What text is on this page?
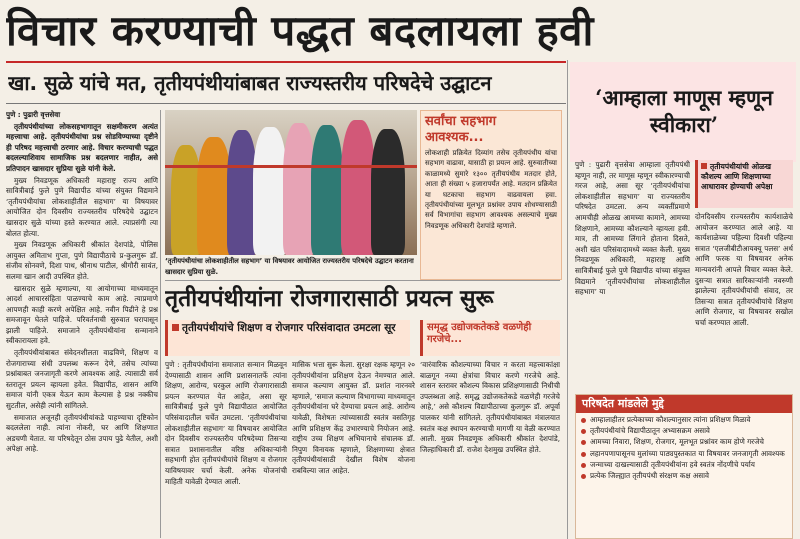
विचार करण्याची पद्धत बदलायला हवी
खा. सुळे यांचे मत, तृतीयपंथीयांबाबत राज्यस्तरीय परिषदेचे उद्घाटन

पुणे : पुढारी वृत्तसेवा

तृतीयपंथीयांच्या लोकसहभागातून सक्षमीकरण अत्यंत महत्त्वाचा आहे. तृतीयपंथीयांचा प्रश्न सोडविण्याच्या दृष्टीने ही परिषद महत्त्वाची ठरणार आहे. विचार करण्याची पद्धत बदलल्याशिवाय सामाजिक प्रश्न बदलणार नाहीत, असे प्रतिपादन खासदार सुप्रिया सुळे यांनी केले.

मुख्य निवडणूक अधिकारी महाराष्ट्र राज्य आणि सावित्रीबाई फुले पुणे विद्यापीठ यांच्या संयुक्त विद्यमाने ‘तृतीयपंथीयांचा लोकशाहीतील सहभाग’ या विषयावर आयोजित दोन दिवसीय राज्यस्तरीय परिषदेचे उद्घाटन खासदार सुळे यांच्या हस्ते करण्यात आले. त्याप्रसंगी त्या बोलत होत्या.

मुख्य निवडणूक अधिकारी श्रीकांत देशपांडे, पोलिस आयुक्त अमिताभ गुप्ता, पुणे विद्यापीठाचे प्र-कुलगुरू डॉ. संजीव सोनवणे, दिशा पाथ, श्रीनाथ पाटील, श्रीगौरी सावंत, सलमा खान आदी उपस्थित होते.

खासदार सुळे म्हणाल्या, या आयोगाच्या माध्यमातून आदर्श आचारसंहिता पाळण्याचे काम आहे. त्याप्रमाणे आपणही काही करणे अपेक्षित आहे. नवीन पिढीने हे प्रश्न समजावून घेतले पाहिजे. परिवर्तनाची सुरुवात घरापासून झाली पाहिजे. समाजाने तृतीयपंथीयांना सन्मानाने स्वीकारायला हवे.

तृतीयपंथीयांबाबत संवेदनशीलता वाढविणे, शिक्षण व रोजगाराच्या संधी उपलब्ध करून देणे, तसेच त्यांच्या प्रश्नांबाबत जनजागृती करणे आवश्यक आहे. त्यासाठी सर्व स्तरातून प्रयत्न व्हायला हवेत. विद्यापीठ, शासन आणि समाज यांनी एकत्र येऊन काम केल्यास हे प्रश्न नक्कीच सुटतील, असेही त्यांनी सांगितले.

समाजात अजूनही तृतीयपंथीयांकडे पाहण्याचा दृष्टिकोन बदललेला नाही. त्यांना नोकरी, घर आणि शिक्षणात अडचणी येतात. या परिषदेतून ठोस उपाय पुढे येतील, अशी अपेक्षा आहे.

‘तृतीयपंथीयांचा लोकशाहीतील सहभाग’ या विषयावर आयोजित राज्यस्तरीय परिषदेचे उद्घाटन करताना खासदार सुप्रिया सुळे.
सर्वांचा सहभाग आवश्यक...
लोकशाही प्रक्रियेत दिव्यांग तसेच तृतीयपंथीय यांचा सहभाग वाढावा, यासाठी हा प्रयत्न आहे. सुरुवातीच्या काळामध्ये सुमारे १३०० तृतीयपंथीय मतदार होते, आता ही संख्या ५ हजारापर्यंत आहे. मतदान प्रक्रियेत या घटकाचा सहभाग वाढवायला हवा. तृतीयपंथीयांच्या मूलभूत प्रश्नांवर उपाय शोधण्यासाठी सर्व विभागांचा सहभाग आवश्यक असल्याचे मुख्य निवडणूक अधिकारी देशपांडे म्हणाले.
तृतीयपंथीयांना रोजगारासाठी प्रयत्न सुरू
तृतीयपंथीयांचे शिक्षण व रोजगार परिसंवादात उमटला सूर	समृद्ध उद्योजकतेकडे वळणेही गरजेचे...
पुणे : तृतीयपंथीयांना समाजात सन्मान मिळवून देण्यासाठी शासन आणि प्रशासनातर्फे त्यांना शिक्षण, आरोग्य, घरकुल आणि रोजगारासाठी प्रयत्न करण्यात येत आहेत, असा सूर सावित्रीबाई फुले पुणे विद्यापीठात आयोजित परिसंवादातील चर्चेत उमटला. ‘तृतीयपंथीयांचा लोकशाहीतील सहभाग’ या विषयावर आयोजित दोन दिवसीय राज्यस्तरीय परिषदेच्या तिसऱ्या सत्रात प्रशासनातील वरिष्ठ अधिकाऱ्यांनी सहभागी होत तृतीयपंथीयांचे शिक्षण व रोजगार याविषयावर चर्चा केली. अनेक योजनांची माहिती यावेळी देण्यात आली.
मासिक भत्ता सुरू केला. सुरक्षा रक्षक म्हणून २० तृतीयपंथीयांना प्रशिक्षण देऊन नेमण्यात आले. समाज कल्याण आयुक्त डॉ. प्रशांत नारनवरे म्हणाले, ‘समाज कल्याण विभागाच्या माध्यमातून तृतीयपंथीयांना घरे देण्याचा प्रयत्न आहे. आरोग्य यावेळी, विशेषतः त्यांच्यासाठी स्वतंत्र वसतिगृह आणि प्रशिक्षण केंद्र उभारण्याचे नियोजन आहे. राष्ट्रीय उच्च शिक्षण अभियानाचे संचालक डॉ. निपुण विनायक म्हणाले, शिक्षणाच्या क्षेत्रात तृतीयपंथीयांसाठी देखील विशेष योजना राबविल्या जात आहेत.
‘वारंवारिक कौशल्याच्या विचार न करता महत्त्वाकांक्षा बाळगून नव्या क्षेत्रांचा विचार करणे गरजेचे आहे. शासन स्तरावर कौशल्य विकास प्रशिक्षणासाठी निधीची उपलब्धता आहे. समृद्ध उद्योजकतेकडे वळणेही गरजेचे आहे,’ असे कौशल्य विद्यापीठाच्या कुलगुरू डॉ. अपूर्वा पालकर यांनी सांगितले. तृतीयपंथीयांबाबत मंत्रालयात स्वतंत्र कक्ष स्थापन करण्याची मागणी या वेळी करण्यात आली. मुख्य निवडणूक अधिकारी श्रीकांत देशपांडे, जिल्हाधिकारी डॉ. राजेश देशमुख उपस्थित होते.
‘आम्हाला माणूस म्हणून स्वीकारा’
पुणे : पुढारी वृत्तसेवा आम्हाला तृतीयपंथी म्हणून नाही, तर माणूस म्हणून स्वीकारण्याची गरज आहे, असा सूर ‘तृतीयपंथीयांचा लोकशाहीतील सहभाग’ या राज्यस्तरीय परिषदेत उमटला. अन्य व्यक्तींप्रमाणे आमचीही ओळख आमच्या कामाने, आमच्या शिक्षणाने, आमच्या कौशल्याने व्हायला हवी. मात्र, ती आमच्या लिंगाने होताना दिसते, अशी खंत परिसंवादामध्ये व्यक्त केली. मुख्य निवडणूक अधिकारी, महाराष्ट्र आणि सावित्रीबाई फुले पुणे विद्यापीठ यांच्या संयुक्त विद्यमाने ‘तृतीयपंथीयांचा लोकशाहीतील सहभाग’ या
तृतीयपंथीयांची ओळख कौशल्य आणि शिक्षणाच्या आधारावर होण्याची अपेक्षा
दोनदिवसीय राज्यस्तरीय कार्यशाळेचे आयोजन करण्यात आले आहे. या कार्यशाळेच्या पहिल्या दिवशी पहिल्या सत्रात ‘एलजीबीटीआयक्यू पलस’ अर्थ आणि फरक या विषयावर अनेक मान्यवरांनी आपले विचार व्यक्त केले. दुसऱ्या सत्रात सारिकाऱ्यांनी नवरुणी झालेल्या तृतीयपंथीयांची संवाद, तर तिसऱ्या सत्रात तृतीयपंथीयांचे शिक्षण आणि रोजगार, या विषयावर सखोल चर्चा करण्यात आली.
परिषदेत मांडलेले मुद्दे
आम्हालाहीतर प्रत्येकाच्या कौशल्यानुसार त्यांना प्रशिक्षण मिळावे
तृतीयपंथीयांचे विद्यापीठातून अभ्यासक्रम असावे
आमच्या निवारा, शिक्षण, रोजगार, मूलभूत प्रश्नांवर काम होणे गरजेचे
लहानपणापासूनच मुलांच्या पाठ्यपुस्तकात या विषयावर जनजागृती आवश्यक
जन्माच्या दाखल्यासाठी तृतीयपंथीयांना हवे स्वतंत्र नोंदणीचे पर्याय
प्रत्येक जिल्ह्यात तृतीयपंथी संरक्षण कक्ष असावे
